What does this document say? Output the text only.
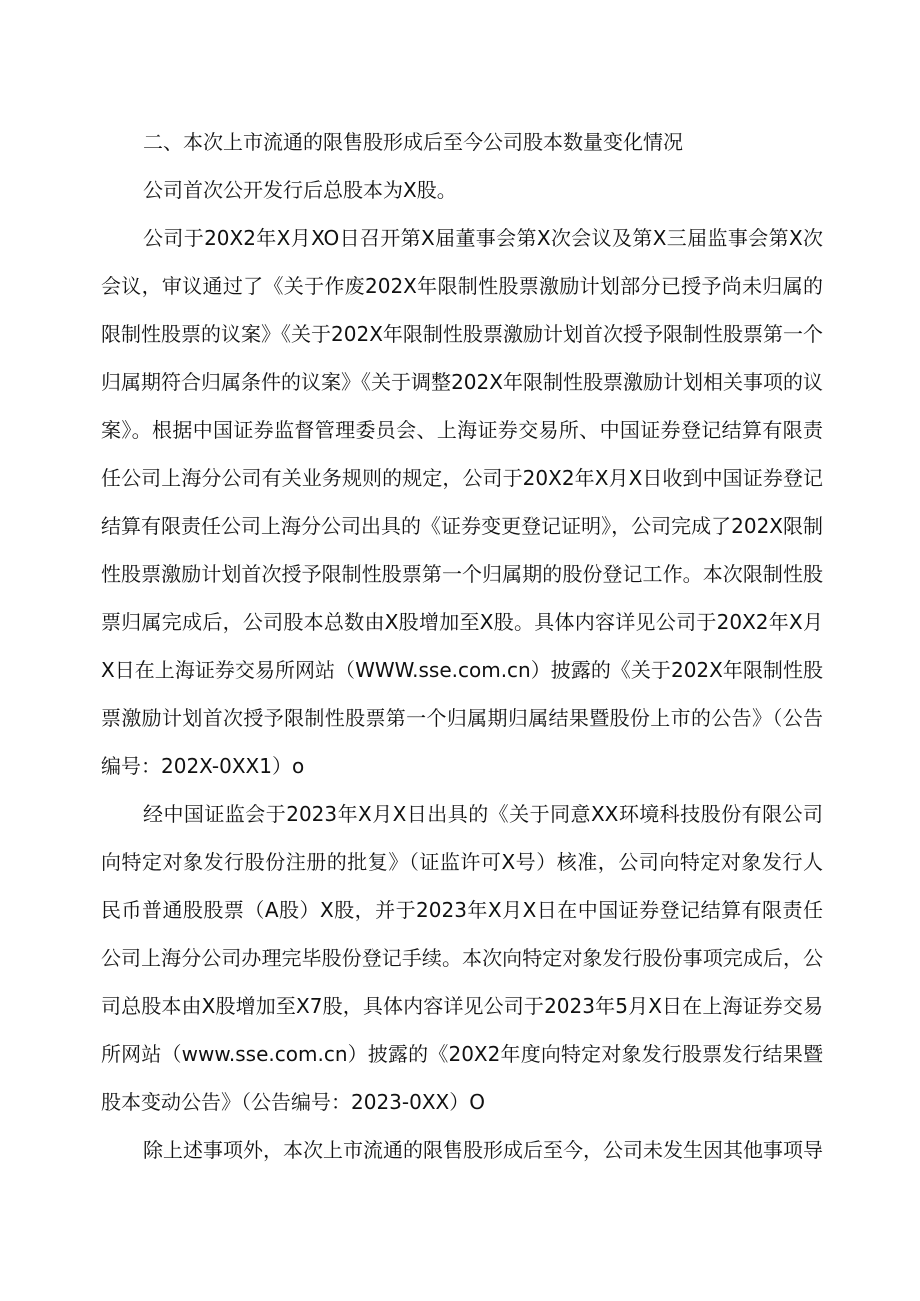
二、本次上市流通的限售股形成后至今公司股本数量变化情况

公司首次公开发行后总股本为X股。

公司于20X2年X月XO日召开第X届董事会第X次会议及第X三届监事会第X次会议，审议通过了《关于作废202X年限制性股票激励计划部分已授予尚未归属的限制性股票的议案》《关于202X年限制性股票激励计划首次授予限制性股票第一个归属期符合归属条件的议案》《关于调整202X年限制性股票激励计划相关事项的议案》。根据中国证券监督管理委员会、上海证券交易所、中国证券登记结算有限责任公司上海分公司有关业务规则的规定，公司于20X2年X月X日收到中国证券登记结算有限责任公司上海分公司出具的《证券变更登记证明》，公司完成了202X限制性股票激励计划首次授予限制性股票第一个归属期的股份登记工作。本次限制性股票归属完成后，公司股本总数由X股增加至X股。具体内容详见公司于20X2年X月X日在上海证券交易所网站（WWW.sse.com.cn）披露的《关于202X年限制性股票激励计划首次授予限制性股票第一个归属期归属结果暨股份上市的公告》（公告编号：202X-0XX1）o

经中国证监会于2023年X月X日出具的《关于同意XX环境科技股份有限公司向特定对象发行股份注册的批复》（证监许可X号）核准，公司向特定对象发行人民币普通股股票（A股）X股，并于2023年X月X日在中国证券登记结算有限责任公司上海分公司办理完毕股份登记手续。本次向特定对象发行股份事项完成后，公司总股本由X股增加至X7股，具体内容详见公司于2023年5月X日在上海证券交易所网站（www.sse.com.cn）披露的《20X2年度向特定对象发行股票发行结果暨股本变动公告》（公告编号：2023-0XX）O

除上述事项外，本次上市流通的限售股形成后至今，公司未发生因其他事项导
